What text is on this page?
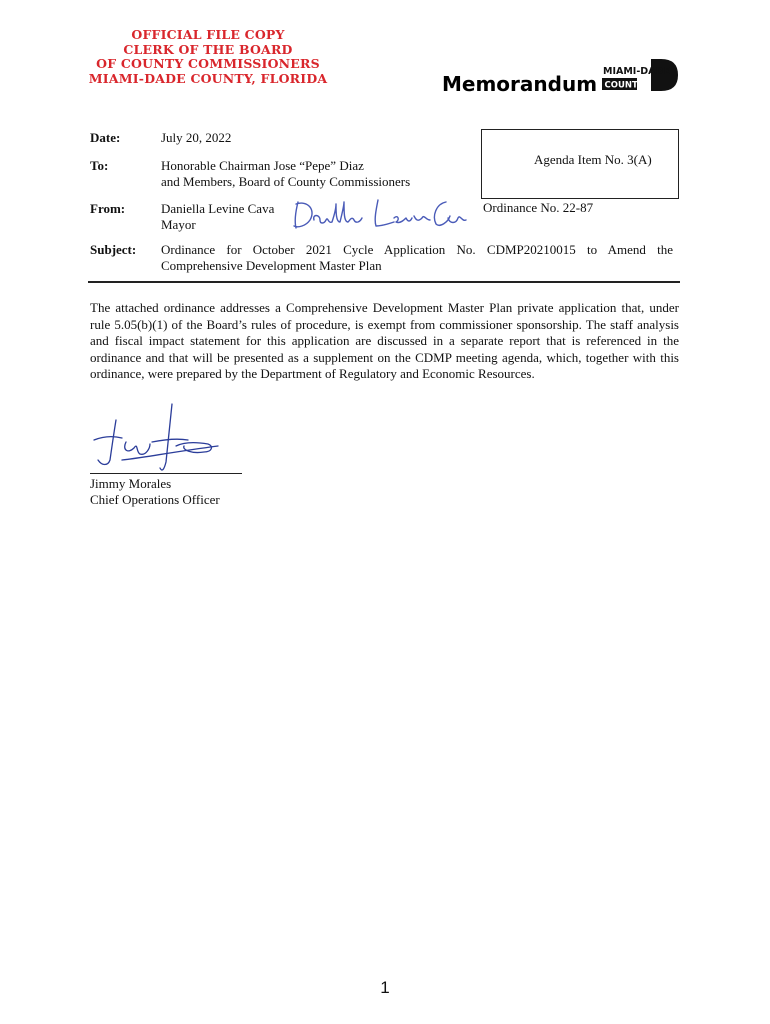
OFFICIAL FILE COPY
CLERK OF THE BOARD
OF COUNTY COMMISSIONERS
MIAMI-DADE COUNTY, FLORIDA	Memorandum
MIAMI-DADE
COUNTY
Date:	July 20, 2022
To:	Honorable Chairman Jose “Pepe” Diaz
and Members, Board of County Commissioners
From:	Daniella Levine Cava
Mayor
Agenda Item No. 3(A)
Ordinance No. 22-87
Subject: Ordinance for October 2021 Cycle Application No. CDMP20210015 to Amend the Comprehensive Development Master Plan
The attached ordinance addresses a Comprehensive Development Master Plan private application that, under rule 5.05(b)(1) of the Board’s rules of procedure, is exempt from commissioner sponsorship. The staff analysis and fiscal impact statement for this application are discussed in a separate report that is referenced in the ordinance and that will be presented as a supplement on the CDMP meeting agenda, which, together with this ordinance, were prepared by the Department of Regulatory and Economic Resources.
Jimmy Morales
Chief Operations Officer
1
